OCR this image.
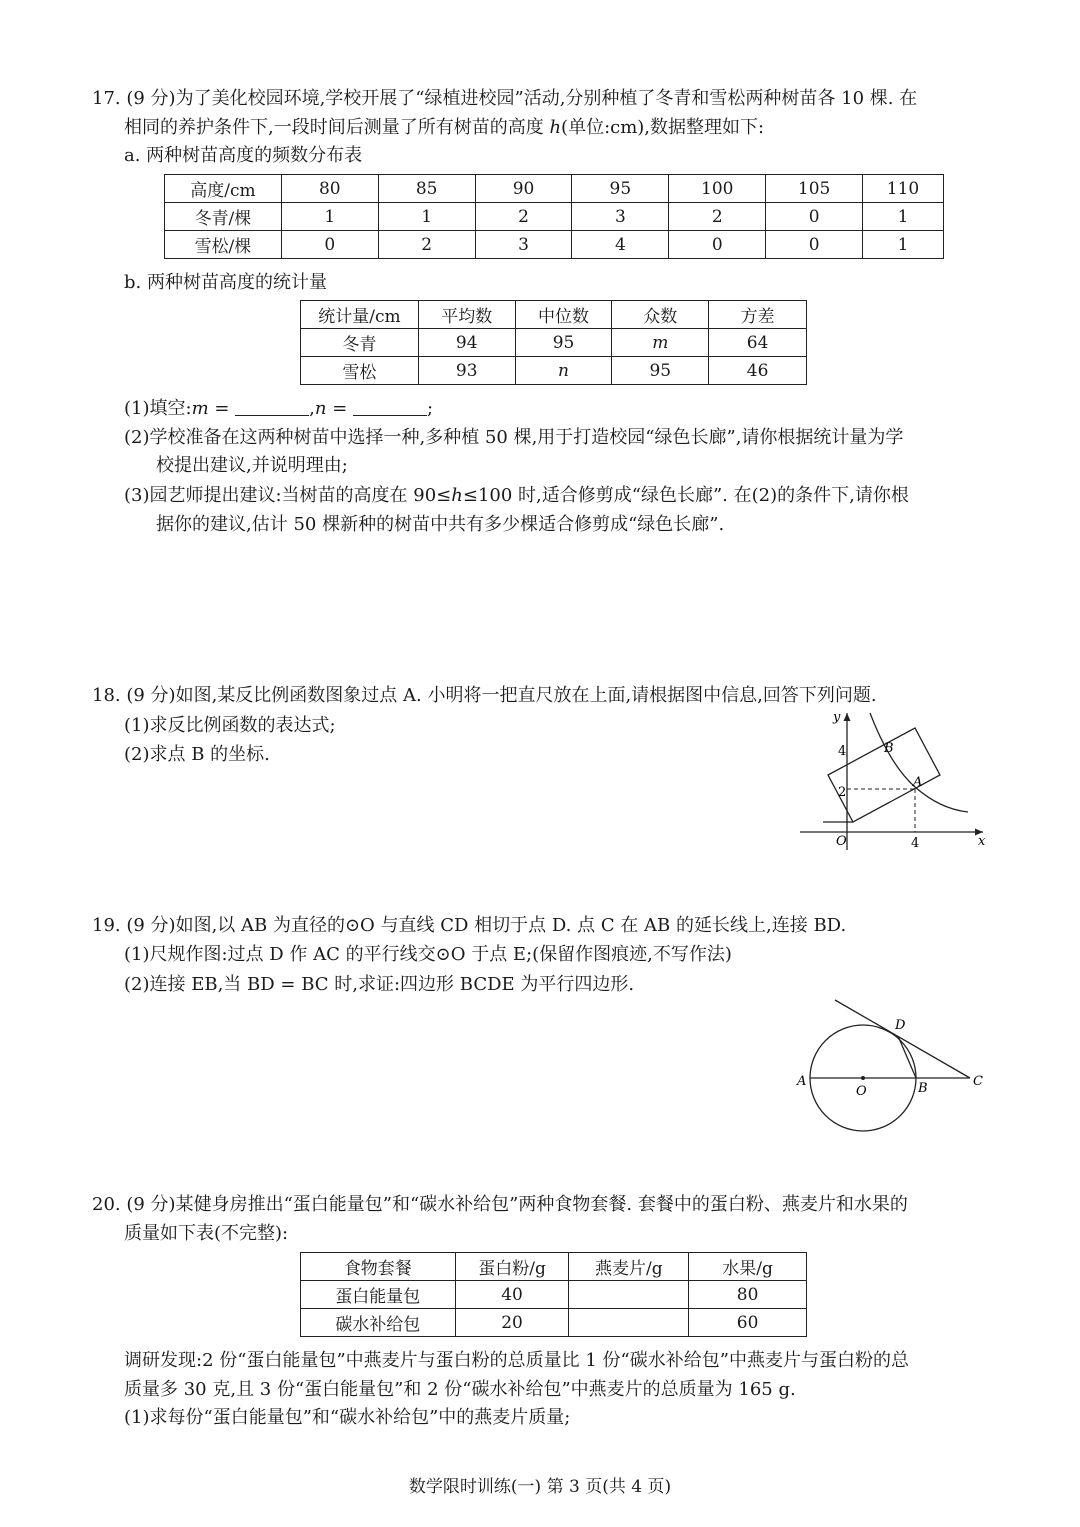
17. (9 分)为了美化校园环境,学校开展了“绿植进校园”活动,分别种植了冬青和雪松两种树苗各 10 棵. 在
相同的养护条件下,一段时间后测量了所有树苗的高度 h(单位:cm),数据整理如下:
a. 两种树苗高度的频数分布表
高度/cm	80	85	90	95	100	105	110
冬青/棵	1	1	2	3	2	0	1
雪松/棵	0	2	3	4	0	0	1
b. 两种树苗高度的统计量
统计量/cm	平均数	中位数	众数	方差
冬青	94	95	m	64
雪松	93	n	95	46
(1)填空:m =	,n =	;
(2)学校准备在这两种树苗中选择一种,多种植 50 棵,用于打造校园“绿色长廊”,请你根据统计量为学
校提出建议,并说明理由;
(3)园艺师提出建议:当树苗的高度在 90≤h≤100 时,适合修剪成“绿色长廊”. 在(2)的条件下,请你根
据你的建议,估计 50 棵新种的树苗中共有多少棵适合修剪成“绿色长廊”.
18. (9 分)如图,某反比例函数图象过点 A. 小明将一把直尺放在上面,请根据图中信息,回答下列问题.
(1)求反比例函数的表达式;
(2)求点 B 的坐标.
y
x
O
4
2
4
A
B
19. (9 分)如图,以 AB 为直径的⊙O 与直线 CD 相切于点 D. 点 C 在 AB 的延长线上,连接 BD.
(1)尺规作图:过点 D 作 AC 的平行线交⊙O 于点 E;(保留作图痕迹,不写作法)
(2)连接 EB,当 BD = BC 时,求证:四边形 BCDE 为平行四边形.
A
O	B	C
D
20. (9 分)某健身房推出“蛋白能量包”和“碳水补给包”两种食物套餐. 套餐中的蛋白粉、燕麦片和水果的
质量如下表(不完整):
食物套餐	蛋白粉/g	燕麦片/g	水果/g
蛋白能量包	40		80
碳水补给包	20		60
调研发现:2 份“蛋白能量包”中燕麦片与蛋白粉的总质量比 1 份“碳水补给包”中燕麦片与蛋白粉的总
质量多 30 克,且 3 份“蛋白能量包”和 2 份“碳水补给包”中燕麦片的总质量为 165 g.
(1)求每份“蛋白能量包”和“碳水补给包”中的燕麦片质量;
数学限时训练(一) 第 3 页(共 4 页)
